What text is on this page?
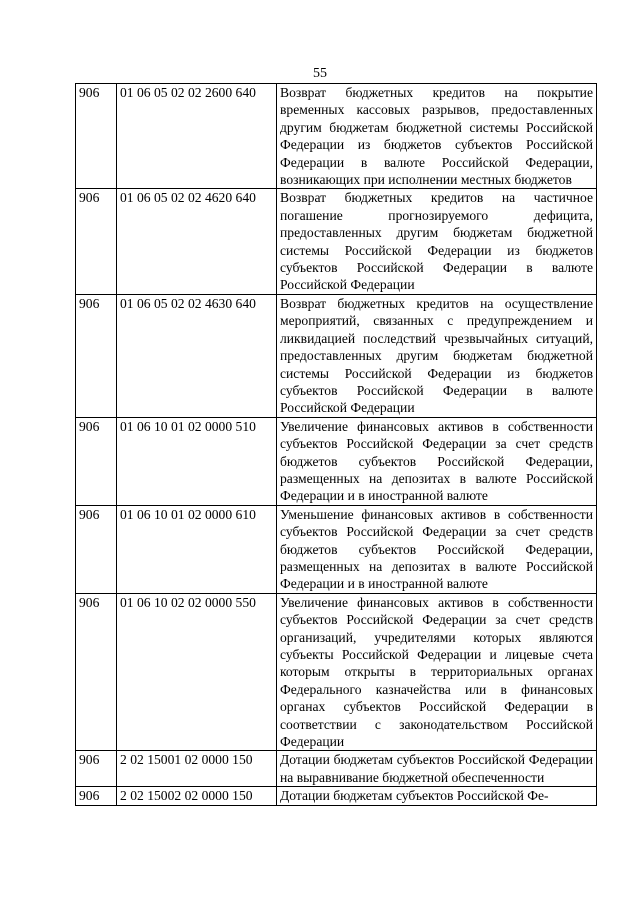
55
906	01 06 05 02 02 2600 640	Возврат бюджетных кредитов на покрытие временных кассовых разрывов, предоставленных другим бюджетам бюджетной системы Российской Федерации из бюджетов субъектов Российской Федерации в валюте Российской Федерации, возникающих при исполнении местных бюджетов
906	01 06 05 02 02 4620 640	Возврат бюджетных кредитов на частичное погашение прогнозируемого дефицита, предоставленных другим бюджетам бюджетной системы Российской Федерации из бюджетов субъектов Российской Федерации в валюте Российской Федерации
906	01 06 05 02 02 4630 640	Возврат бюджетных кредитов на осуществление мероприятий, связанных с предупреждением и ликвидацией последствий чрезвычайных ситуаций, предоставленных другим бюджетам бюджетной системы Российской Федерации из бюджетов субъектов Российской Федерации в валюте Российской Федерации
906	01 06 10 01 02 0000 510	Увеличение финансовых активов в собственности субъектов Российской Федерации за счет средств бюджетов субъектов Российской Федерации, размещенных на депозитах в валюте Российской Федерации и в иностранной валюте
906	01 06 10 01 02 0000 610	Уменьшение финансовых активов в собственности субъектов Российской Федерации за счет средств бюджетов субъектов Российской Федерации, размещенных на депозитах в валюте Российской Федерации и в иностранной валюте
906	01 06 10 02 02 0000 550	Увеличение финансовых активов в собственности субъектов Российской Федерации за счет средств организаций, учредителями которых являются субъекты Российской Федерации и лицевые счета которым открыты в территориальных органах Федерального казначейства или в финансовых органах субъектов Российской Федерации в соответствии с законодательством Российской Федерации
906	2 02 15001 02 0000 150	Дотации бюджетам субъектов Российской Федерации на выравнивание бюджетной обеспеченности
906	2 02 15002 02 0000 150	Дотации бюджетам субъектов Российской Фе-
